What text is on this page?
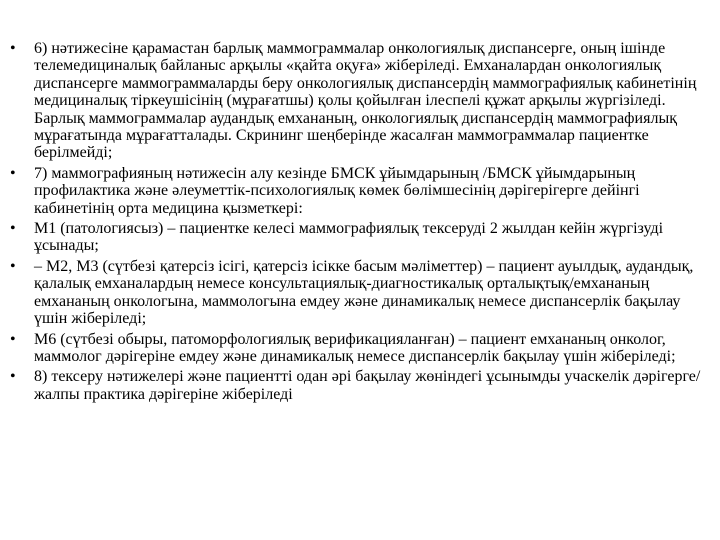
• 6) нәтижесіне қарамастан барлық маммограммалар онкологиялық диспансерге, оның ішінде телемедициналық байланыс арқылы «қайта оқуға» жіберіледі. Емханалардан онкологиялық диспансерге маммограммаларды беру онкологиялық диспансердің маммографиялық кабинетінің медициналық тіркеушісінің (мұрағатшы) қолы қойылған ілеспелі құжат арқылы жүргізіледі. Барлық маммограммалар аудандық емхананың, онкологиялық диспансердің маммографиялық мұрағатында мұрағатталады. Скрининг шеңберінде жасалған маммограммалар пациентке берілмейді;
• 7) маммографияның нәтижесін алу кезінде БМСК ұйымдарының /БМСК ұйымдарының профилактика және әлеуметтік-психологиялық көмек бөлімшесінің дәрігерігерге дейінгі кабинетінің орта медицина қызметкері:
• М1 (патологиясыз) – пациентке келесі маммографиялық тексеруді 2 жылдан кейін жүргізуді ұсынады;
• – М2, М3 (сүтбезі қатерсіз ісігі, қатерсіз ісікке басым мәліметтер) – пациент ауылдық, аудандық, қалалық емханалардың немесе консультациялық-диагностикалық орталықтық/емхананың емхананың онкологына, маммологына емдеу және динамикалық немесе диспансерлік бақылау үшін жіберіледі;
• М6 (сүтбезі обыры, патоморфологиялық верификацияланған) – пациент емхананың онколог, маммолог дәрігеріне емдеу және динамикалық немесе диспансерлік бақылау үшін жіберіледі;
• 8) тексеру нәтижелері және пациентті одан әрі бақылау жөніндегі ұсынымды учаскелік дәрігерге/жалпы практика дәрігеріне жіберіледі
